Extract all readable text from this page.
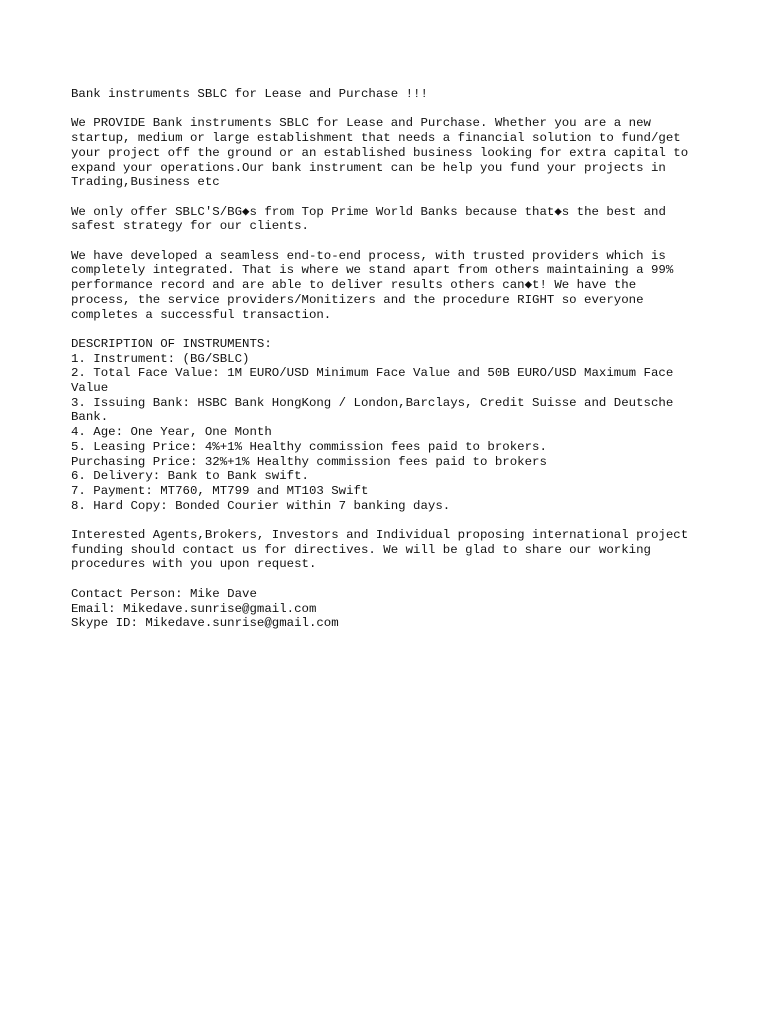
Bank instruments SBLC for Lease and Purchase !!!
We PROVIDE Bank instruments SBLC for Lease and Purchase. Whether you are a new
startup, medium or large establishment that needs a financial solution to fund/get
your project off the ground or an established business looking for extra capital to
expand your operations.Our bank instrument can be help you fund your projects in
Trading,Business etc
We only offer SBLC'S/BG◆s from Top Prime World Banks because that◆s the best and
safest strategy for our clients.
We have developed a seamless end-to-end process, with trusted providers which is
completely integrated. That is where we stand apart from others maintaining a 99%
performance record and are able to deliver results others can◆t! We have the
process, the service providers/Monitizers and the procedure RIGHT so everyone
completes a successful transaction.
DESCRIPTION OF INSTRUMENTS:
1. Instrument: (BG/SBLC)
2. Total Face Value: 1M EURO/USD Minimum Face Value and 50B EURO/USD Maximum Face
Value
3. Issuing Bank: HSBC Bank HongKong / London,Barclays, Credit Suisse and Deutsche
Bank.
4. Age: One Year, One Month
5. Leasing Price: 4%+1% Healthy commission fees paid to brokers.
Purchasing Price: 32%+1% Healthy commission fees paid to brokers
6. Delivery: Bank to Bank swift.
7. Payment: MT760, MT799 and MT103 Swift
8. Hard Copy: Bonded Courier within 7 banking days.
Interested Agents,Brokers, Investors and Individual proposing international project
funding should contact us for directives. We will be glad to share our working
procedures with you upon request.
Contact Person: Mike Dave
Email: Mikedave.sunrise@gmail.com
Skype ID: Mikedave.sunrise@gmail.com
